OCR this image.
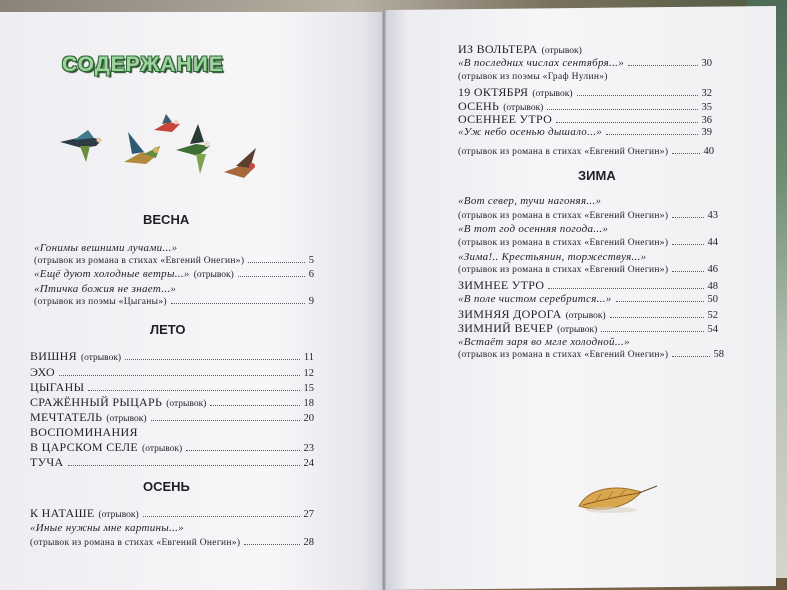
СОДЕРЖАНИЕ
ВЕСНА
«Гонимы вешними лучами...»
(отрывок из романа в стихах «Евгений Онегин»)	5
«Ещё дуют холодные ветры...» (отрывок)	6
«Птичка божия не знает...»
(отрывок из поэмы «Цыганы»)	9
ЛЕТО
ВИШНЯ (отрывок)	11
ЭХО	12
ЦЫГАНЫ	15
СРАЖЁННЫЙ РЫЦАРЬ (отрывок)	18
МЕЧТАТЕЛЬ (отрывок)	20
ВОСПОМИНАНИЯ
В ЦАРСКОМ СЕЛЕ (отрывок)	23
ТУЧА	24
ОСЕНЬ
К НАТАШЕ (отрывок)	27
«Иные нужны мне картины...»
(отрывок из романа в стихах «Евгений Онегин»)	28
ИЗ ВОЛЬТЕРА (отрывок)
«В последних числах сентября...»	30
(отрывок из поэмы «Граф Нулин»)
19 ОКТЯБРЯ (отрывок)	32
ОСЕНЬ (отрывок)	35
ОСЕННЕЕ УТРО	36
«Уж небо осенью дышало...»	39
(отрывок из романа в стихах «Евгений Онегин»)	40
ЗИМА
«Вот север, тучи нагоняя...»
(отрывок из романа в стихах «Евгений Онегин»)	43
«В тот год осенняя погода...»
(отрывок из романа в стихах «Евгений Онегин»)	44
«Зима!.. Крестьянин, торжествуя...»
(отрывок из романа в стихах «Евгений Онегин»)	46
ЗИМНЕЕ УТРО	48
«В поле чистом серебрится...»	50
ЗИМНЯЯ ДОРОГА (отрывок)	52
ЗИМНИЙ ВЕЧЕР (отрывок)	54
«Встаёт заря во мгле холодной...»
(отрывок из романа в стихах «Евгений Онегин»)	58
